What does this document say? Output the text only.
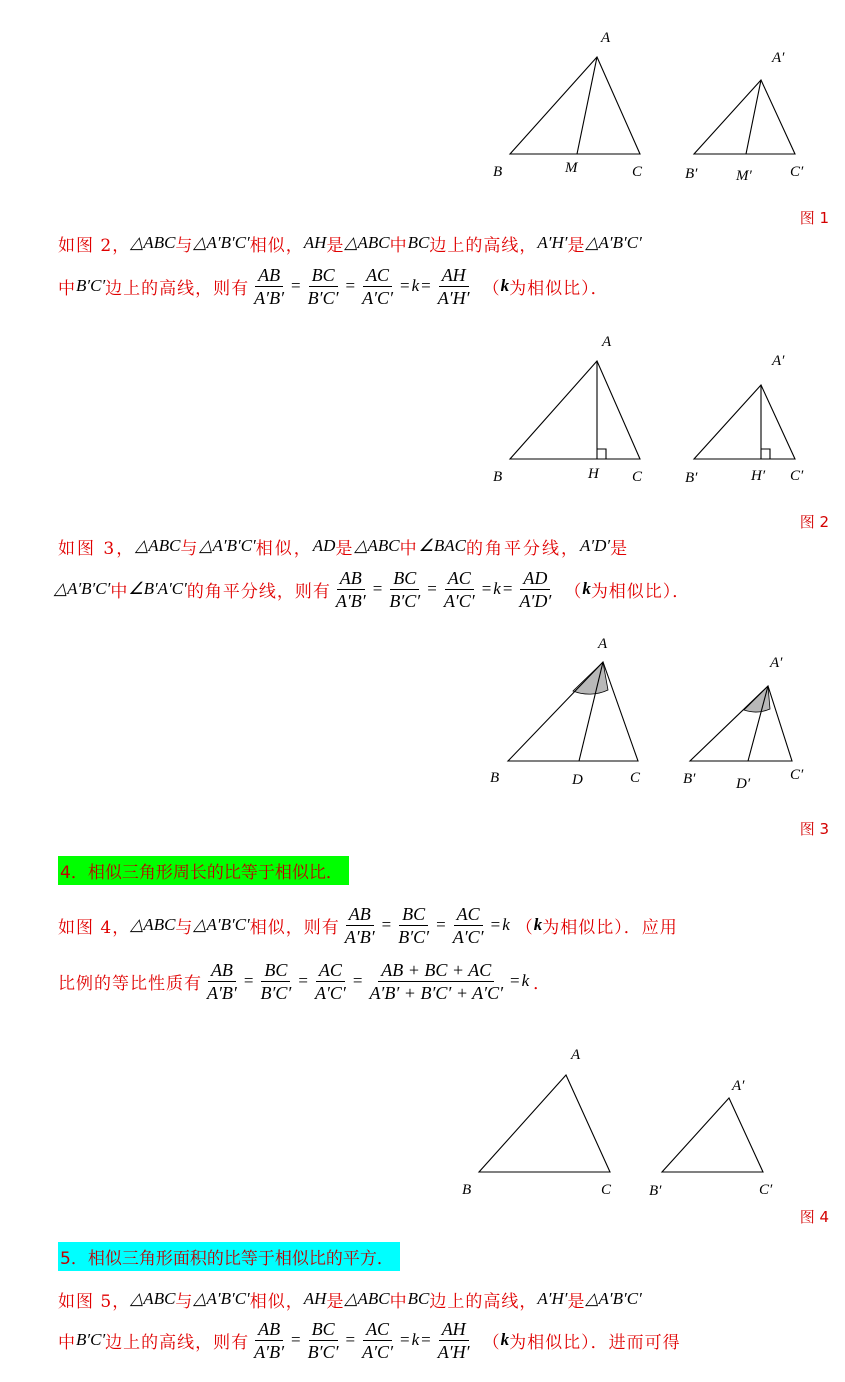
A
B	M	C
A′
B′	M′	C′
图 1
如图 2， △ABC 与 △A′B′C′ 相似， AH 是 △ABC 中 BC 边上的高线， A′H′ 是 △A′B′C′
中 B′C′ 边上的高线，则有 $\frac{AB}{A'B'} = \frac{BC}{B'C'} = \frac{AC}{A'C'} = k = \frac{AH}{A'H'}$ （ k 为相似比）．
A
B	H C
A′
B′	H′ C′
图 2
如图 3， △ABC 与 △A′B′C′ 相似， AD 是 △ABC 中 ∠BAC 的角平分线， A′D′ 是
△A′B′C′ 中 ∠B′A′C′ 的角平分线，则有 $\frac{AB}{A'B'} = \frac{BC}{B'C'} = \frac{AC}{A'C'} = k = \frac{AD}{A'D'}$ （ k 为相似比）．
A
B	D	C
A′
B′	D′
C′
图 3
4．相似三角形周长的比等于相似比．
如图 4， △ABC 与 △A′B′C′ 相似，则有 $\frac{AB}{A'B'} = \frac{BC}{B'C'} = \frac{AC}{A'C'} = k$ （ k 为相似比）．应用
比例的等比性质有 $\frac{AB}{A'B'} = \frac{BC}{B'C'} = \frac{AC}{A'C'} = \frac{AB + BC + AC}{A'B' + B'C' + A'C'} = k$ ．
A
B	C
A′
B′	C′
图 4
5．相似三角形面积的比等于相似比的平方．
如图 5， △ABC 与 △A′B′C′ 相似， AH 是 △ABC 中 BC 边上的高线， A′H′ 是 △A′B′C′
中 B′C′ 边上的高线，则有 $\frac{AB}{A'B'} = \frac{BC}{B'C'} = \frac{AC}{A'C'} = k = \frac{AH}{A'H'}$ （ k 为相似比）．进而可得
